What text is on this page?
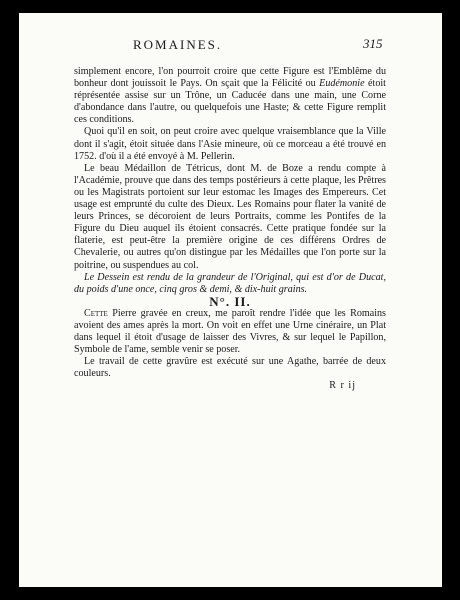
ROMAINES.	315

simplement encore, l'on pourroit croire que cette Figure est l'Emblême du bonheur dont jouissoit le Pays. On sçait que la Félicité ou Eudémonie étoit réprésentée assise sur un Trône, un Caducée dans une main, une Corne d'abondance dans l'autre, ou quelquefois une Haste; & cette Figure remplit ces conditions.

Quoi qu'il en soit, on peut croire avec quelque vraisemblance que la Ville dont il s'agit, étoit située dans l'Asie mineure, où ce morceau a été trouvé en 1752. d'où il a été envoyé à M. Pellerin.

Le beau Médaillon de Tétricus, dont M. de Boze a rendu compte à l'Académie, prouve que dans des temps postérieurs à cette plaque, les Prêtres ou les Magistrats portoient sur leur estomac les Images des Empereurs. Cet usage est emprunté du culte des Dieux. Les Romains pour flater la vanité de leurs Princes, se décoroient de leurs Portraits, comme les Pontifes de la Figure du Dieu auquel ils étoient consacrés. Cette pratique fondée sur la flaterie, est peut-être la première origine de ces différens Ordres de Chevalerie, ou autres qu'on distingue par les Médailles que l'on porte sur la poitrine, ou suspendues au col.

Le Dessein est rendu de la grandeur de l'Original, qui est d'or de Ducat, du poids d'une once, cinq gros & demi, & dix-huit grains.

N°. II.

Cette Pierre gravée en creux, me paroît rendre l'idée que les Romains avoient des ames après la mort. On voit en effet une Urne cinéraire, un Plat dans lequel il étoit d'usage de laisser des Vivres, & sur lequel le Papillon, Symbole de l'ame, semble venir se poser.

Le travail de cette gravûre est exécuté sur une Agathe, barrée de deux couleurs.

R r ij
